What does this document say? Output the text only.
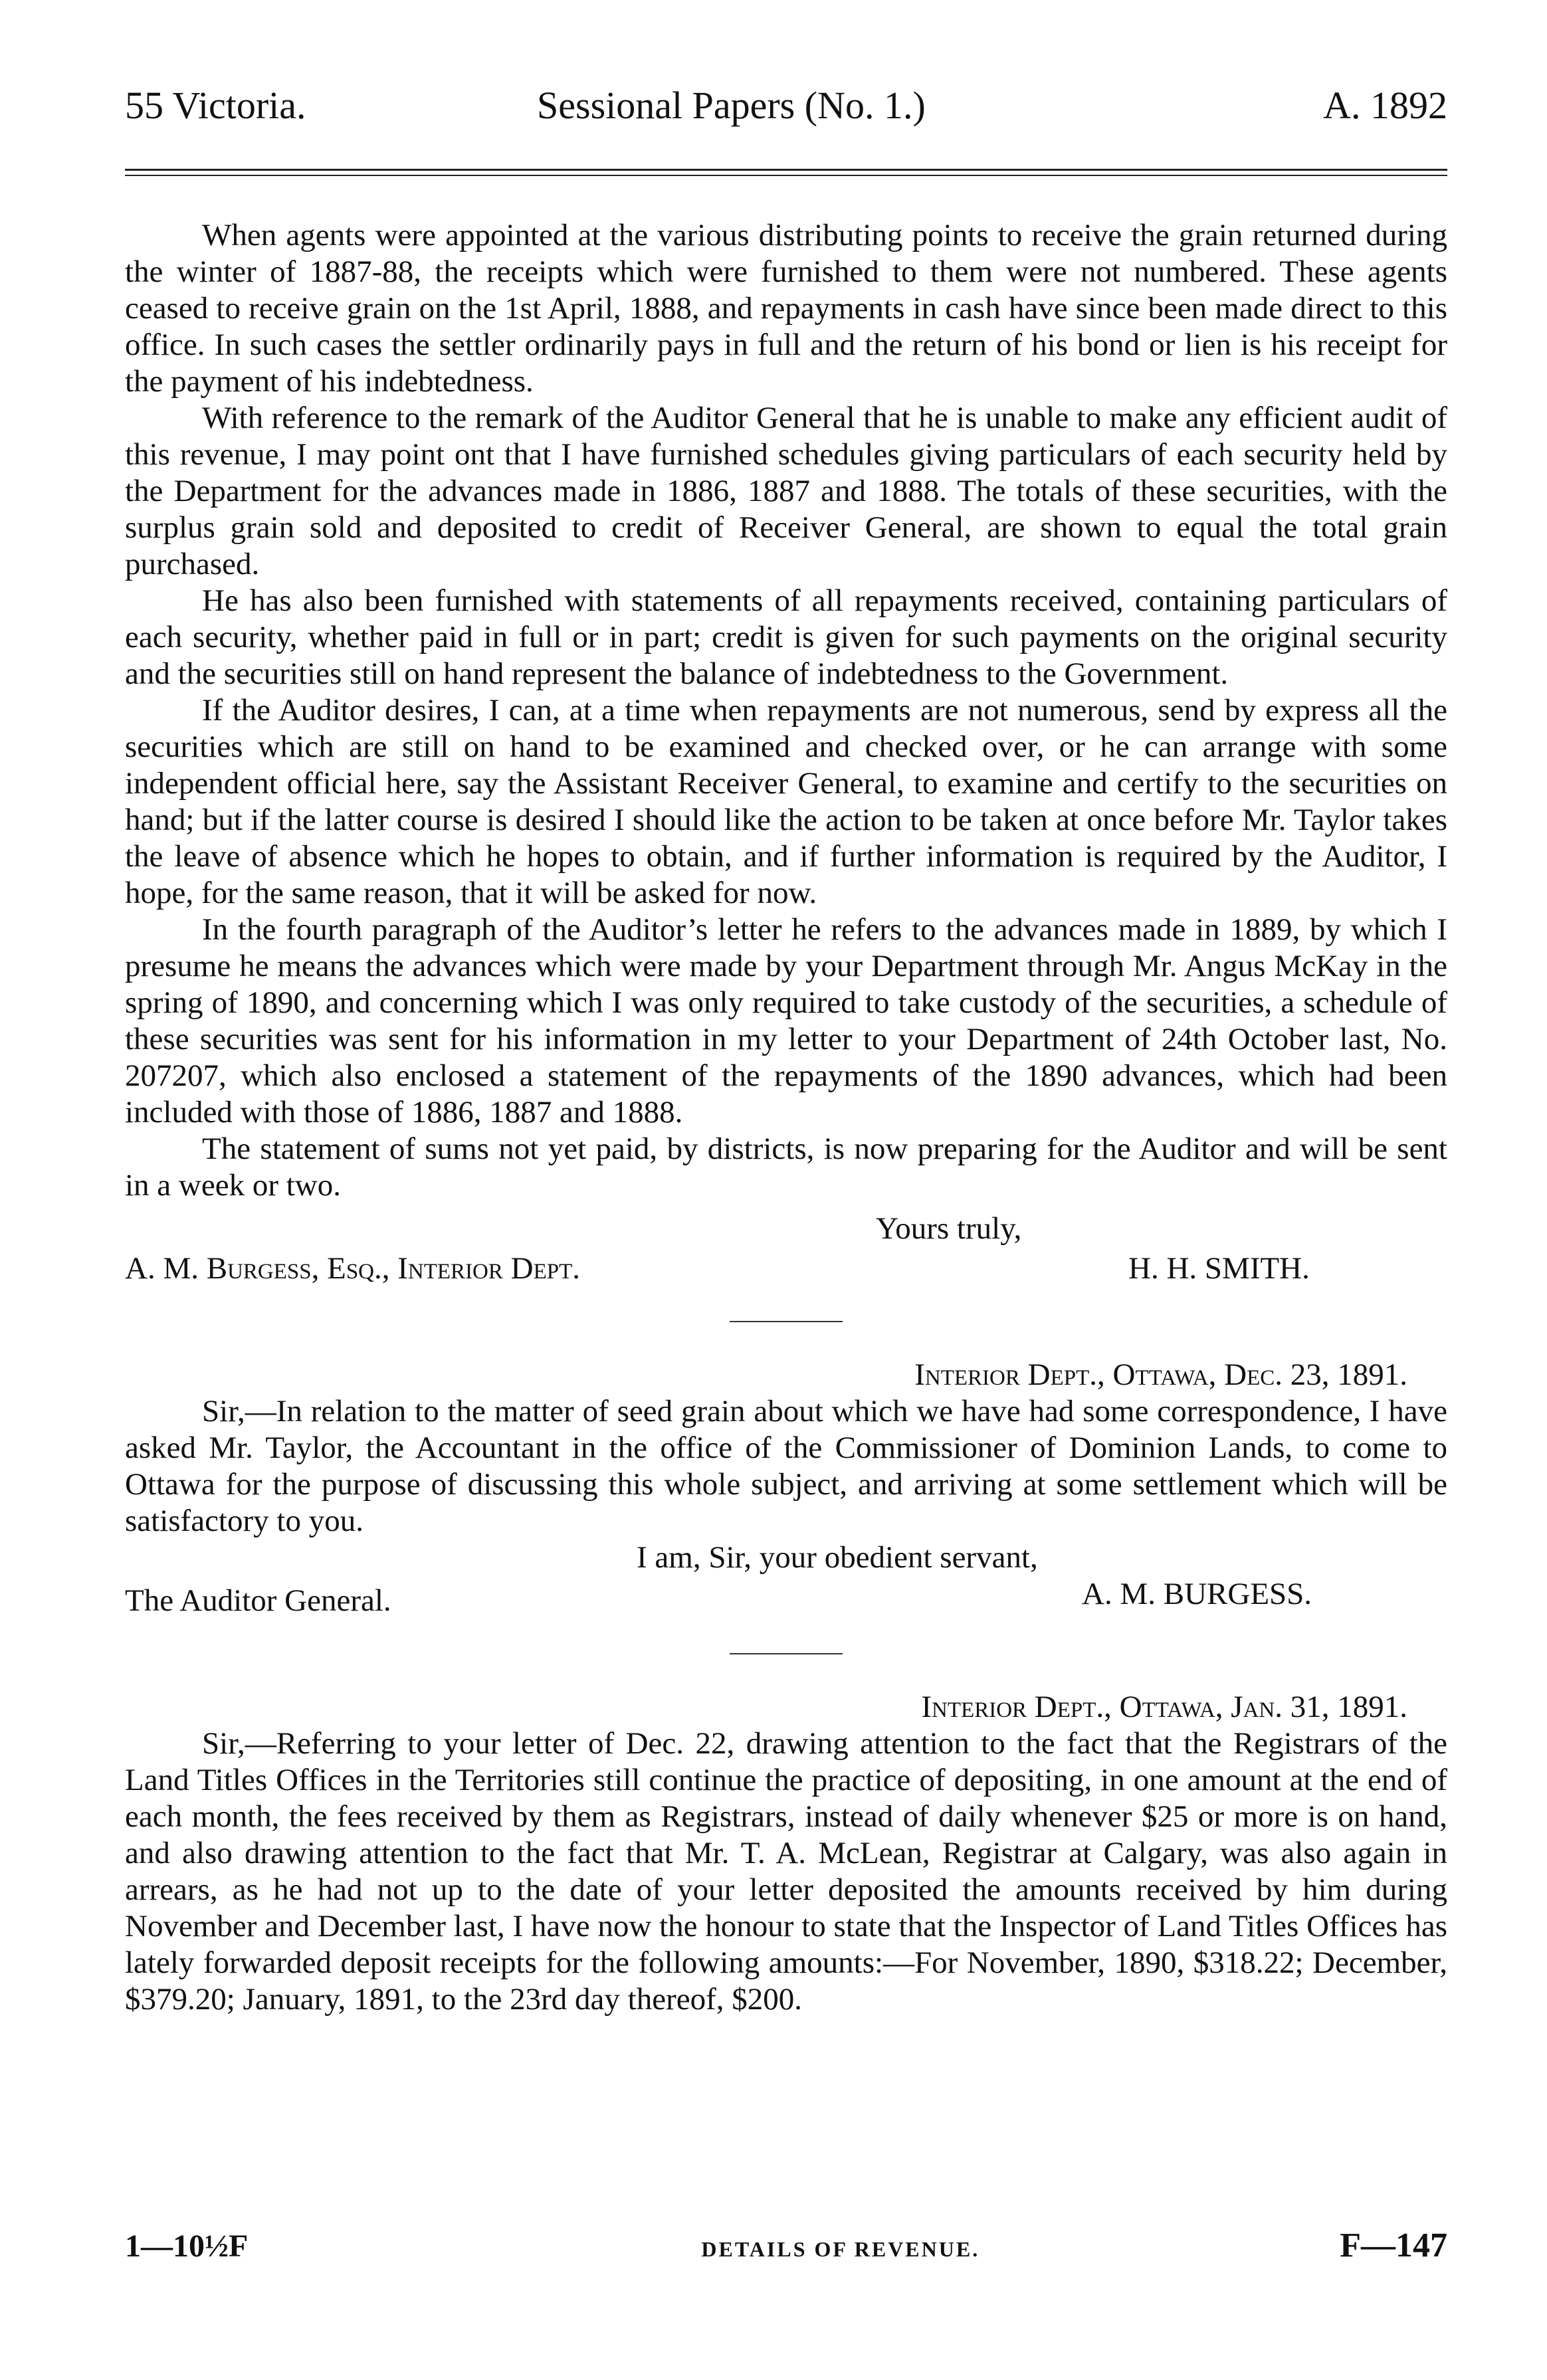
55 Victoria.	Sessional Papers (No. 1.)	A. 1892

When agents were appointed at the various distributing points to receive the grain returned during the winter of 1887-88, the receipts which were furnished to them were not numbered. These agents ceased to receive grain on the 1st April, 1888, and repayments in cash have since been made direct to this office. In such cases the settler ordinarily pays in full and the return of his bond or lien is his receipt for the payment of his indebtedness.

With reference to the remark of the Auditor General that he is unable to make any efficient audit of this revenue, I may point ont that I have furnished schedules giving particulars of each security held by the Department for the advances made in 1886, 1887 and 1888. The totals of these securities, with the surplus grain sold and deposited to credit of Receiver General, are shown to equal the total grain purchased.

He has also been furnished with statements of all repayments received, containing particulars of each security, whether paid in full or in part; credit is given for such payments on the original security and the securities still on hand represent the balance of indebtedness to the Government.

If the Auditor desires, I can, at a time when repayments are not numerous, send by express all the securities which are still on hand to be examined and checked over, or he can arrange with some independent official here, say the Assistant Receiver General, to examine and certify to the securities on hand; but if the latter course is desired I should like the action to be taken at once before Mr. Taylor takes the leave of absence which he hopes to obtain, and if further information is required by the Auditor, I hope, for the same reason, that it will be asked for now.

In the fourth paragraph of the Auditor’s letter he refers to the advances made in 1889, by which I presume he means the advances which were made by your Department through Mr. Angus McKay in the spring of 1890, and concerning which I was only required to take custody of the securities, a schedule of these securities was sent for his information in my letter to your Department of 24th October last, No. 207207, which also enclosed a statement of the repayments of the 1890 advances, which had been included with those of 1886, 1887 and 1888.

The statement of sums not yet paid, by districts, is now preparing for the Auditor and will be sent in a week or two.

Yours truly,
A. M. Burgess, Esq., Interior Dept.	H. H. SMITH.

Interior Dept., Ottawa, Dec. 23, 1891.

Sir,—In relation to the matter of seed grain about which we have had some correspondence, I have asked Mr. Taylor, the Accountant in the office of the Commissioner of Dominion Lands, to come to Ottawa for the purpose of discussing this whole subject, and arriving at some settlement which will be satisfactory to you.

I am, Sir, your obedient servant,
The Auditor General.	A. M. BURGESS.

Interior Dept., Ottawa, Jan. 31, 1891.

Sir,—Referring to your letter of Dec. 22, drawing attention to the fact that the Registrars of the Land Titles Offices in the Territories still continue the practice of depositing, in one amount at the end of each month, the fees received by them as Registrars, instead of daily whenever $25 or more is on hand, and also drawing attention to the fact that Mr. T. A. McLean, Registrar at Calgary, was also again in arrears, as he had not up to the date of your letter deposited the amounts received by him during November and December last, I have now the honour to state that the Inspector of Land Titles Offices has lately forwarded deposit receipts for the following amounts:—For November, 1890, $318.22; December, $379.20; January, 1891, to the 23rd day thereof, $200.

1—10½F	DETAILS OF REVENUE.	F—147
